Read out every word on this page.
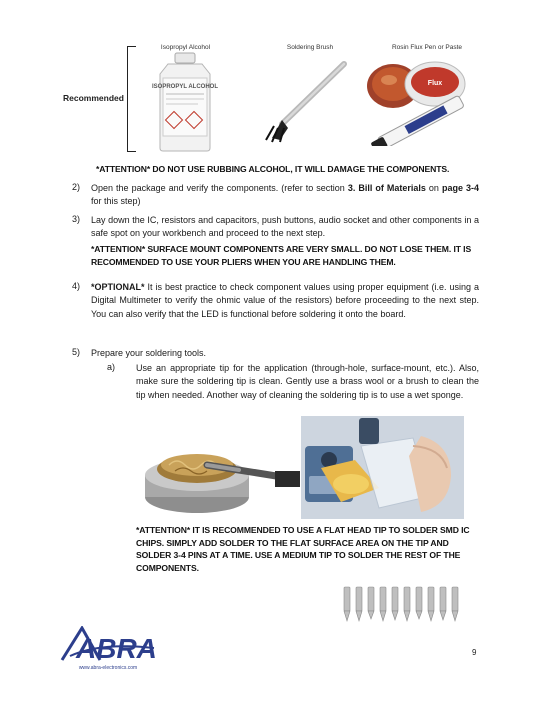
Recommended
Isopropyl Alcohol	Soldering Brush	Rosin Flux Pen or Paste
ISOPROPYL ALCOHOL	Flux
*ATTENTION* DO NOT USE RUBBING ALCOHOL, IT WILL DAMAGE THE COMPONENTS.
2) Open the package and verify the components. (refer to section 3. Bill of Materials on page 3-4 for this step)
3) Lay down the IC, resistors and capacitors, push buttons, audio socket and other components in a safe spot on your workbench and proceed to the next step.
*ATTENTION* SURFACE MOUNT COMPONENTS ARE VERY SMALL. DO NOT LOSE THEM. IT IS RECOMMENDED TO USE YOUR PLIERS WHEN YOU ARE HANDLING THEM.
4) *OPTIONAL* It is best practice to check component values using proper equipment (i.e. using a Digital Multimeter to verify the ohmic value of the resistors) before proceeding to the next step. You can also verify that the LED is functional before soldering it onto the board.
5) Prepare your soldering tools.
a) Use an appropriate tip for the application (through-hole, surface-mount, etc.). Also, make sure the soldering tip is clean. Gently use a brass wool or a brush to clean the tip when needed. Another way of cleaning the soldering tip is to use a wet sponge.
*ATTENTION* IT IS RECOMMENDED TO USE A FLAT HEAD TIP TO SOLDER SMD IC CHIPS. SIMPLY ADD SOLDER TO THE FLAT SURFACE AREA ON THE TIP AND SOLDER 3-4 PINS AT A TIME. USE A MEDIUM TIP TO SOLDER THE REST OF THE COMPONENTS.
ABRA
www.abra-electronics.com
9
